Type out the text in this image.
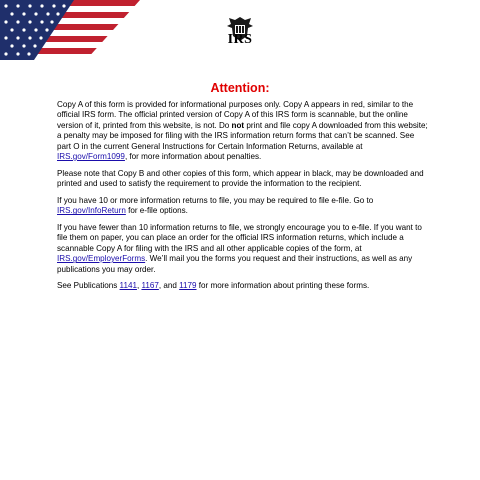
IRS
Attention:

Copy A of this form is provided for informational purposes only. Copy A appears in red, similar to the official IRS form. The official printed version of Copy A of this IRS form is scannable, but the online version of it, printed from this website, is not. Do not print and file copy A downloaded from this website; a penalty may be imposed for filing with the IRS information return forms that can’t be scanned. See part O in the current General Instructions for Certain Information Returns, available at IRS.gov/Form1099, for more information about penalties.

Please note that Copy B and other copies of this form, which appear in black, may be downloaded and printed and used to satisfy the requirement to provide the information to the recipient.

If you have 10 or more information returns to file, you may be required to file e-file. Go to IRS.gov/InfoReturn for e-file options.

If you have fewer than 10 information returns to file, we strongly encourage you to e-file. If you want to file them on paper, you can place an order for the official IRS information returns, which include a scannable Copy A for filing with the IRS and all other applicable copies of the form, at IRS.gov/EmployerForms. We’ll mail you the forms you request and their instructions, as well as any publications you may order.

See Publications 1141, 1167, and 1179 for more information about printing these forms.
